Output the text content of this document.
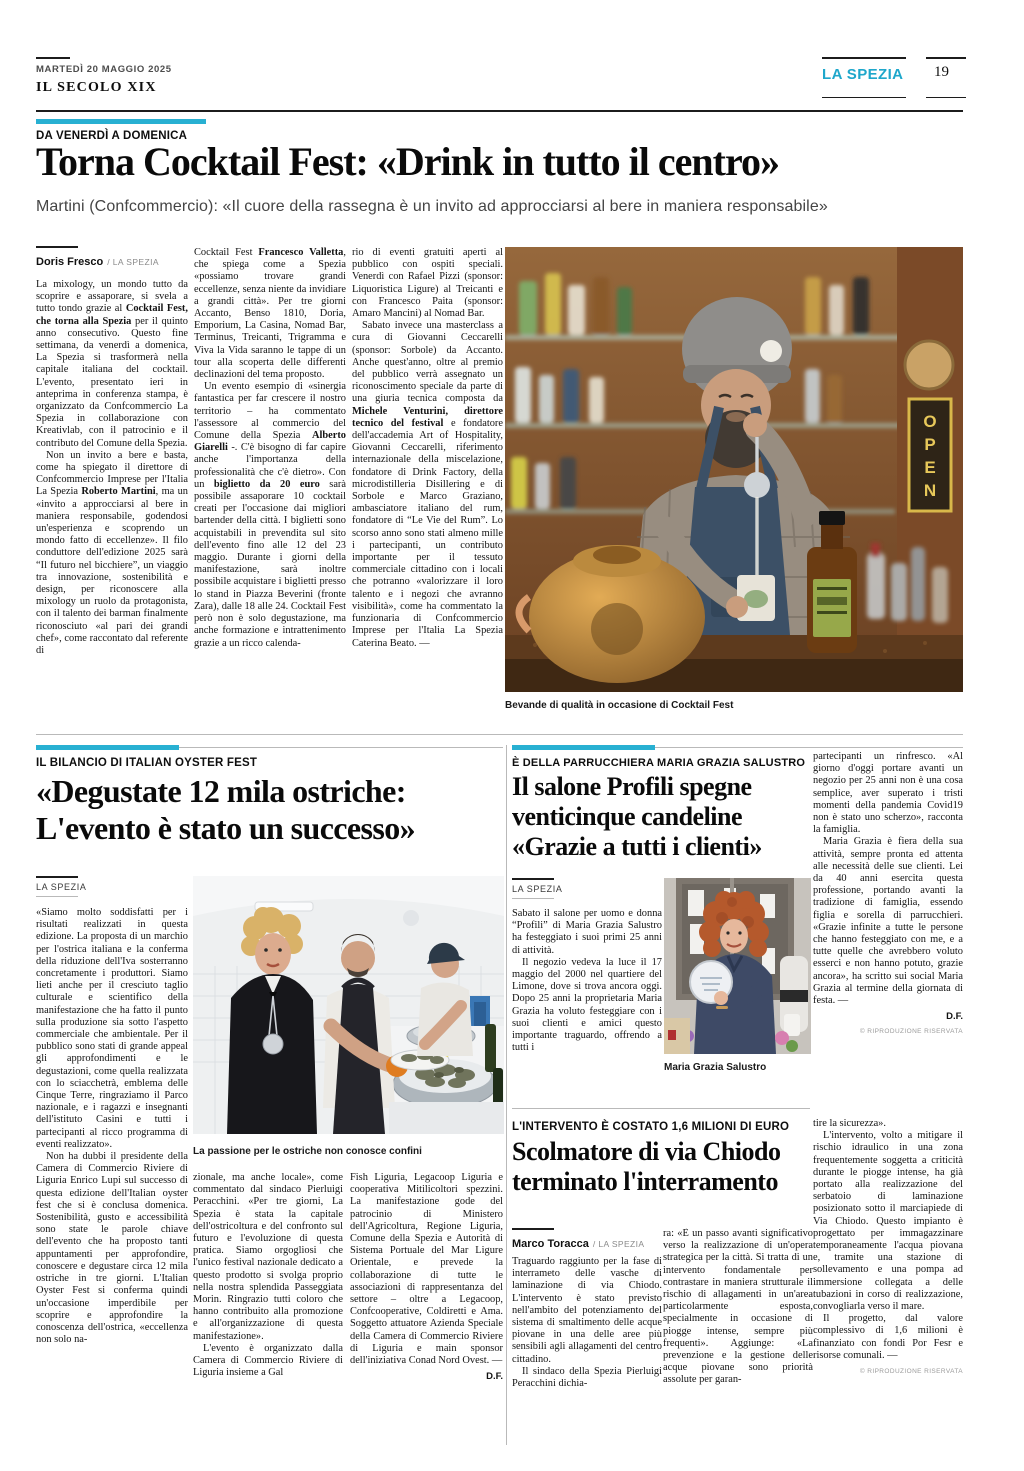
MARTEDÌ 20 MAGGIO 2025
IL SECOLO XIX
LA SPEZIA 19
DA VENERDÌ A DOMENICA
Torna Cocktail Fest: «Drink in tutto il centro»
Martini (Confcommercio): «Il cuore della rassegna è un invito ad approcciarsi al bere in maniera responsabile»
Doris Fresco / LA SPEZIA

La mixology, un mondo tutto da scoprire e assaporare, si svela a tutto tondo grazie al Cocktail Fest, che torna alla Spezia per il quinto anno consecutivo. Questo fine settimana, da venerdì a domenica, La Spezia si trasformerà nella capitale italiana del cocktail. L'evento, presentato ieri in anteprima in conferenza stampa, è organizzato da Confcommercio La Spezia in collaborazione con Kreativlab, con il patrocinio e il contributo del Comune della Spezia.

Non un invito a bere e basta, come ha spiegato il direttore di Confcommercio Imprese per l'Italia La Spezia Roberto Martini, ma un «invito a approcciarsi al bere in maniera responsabile, godendosi un'esperienza e scoprendo un mondo fatto di eccellenze». Il filo conduttore dell'edizione 2025 sarà “Il futuro nel bicchiere”, un viaggio tra innovazione, sostenibilità e design, per riconoscere alla mixology un ruolo da protagonista, con il talento dei barman finalmente riconosciuto «al pari dei grandi chef», come raccontato dal referente di

Cocktail Fest Francesco Valletta, che spiega come a Spezia «possiamo trovare grandi eccellenze, senza niente da invidiare a grandi città». Per tre giorni Accanto, Benso 1810, Doria, Emporium, La Casina, Nomad Bar, Terminus, Treicanti, Trigramma e Viva la Vida saranno le tappe di un tour alla scoperta delle differenti declinazioni del tema proposto.

Un evento esempio di «sinergia fantastica per far crescere il nostro territorio – ha commentato l'assessore al commercio del Comune della Spezia Alberto Giarelli -. C'è bisogno di far capire anche l'importanza della professionalità che c'è dietro». Con un biglietto da 20 euro sarà possibile assaporare 10 cocktail creati per l'occasione dai migliori bartender della città. I biglietti sono acquistabili in prevendita sul sito dell'evento fino alle 12 del 23 maggio. Durante i giorni della manifestazione, sarà inoltre possibile acquistare i biglietti presso lo stand in Piazza Beverini (fronte Zara), dalle 18 alle 24. Cocktail Fest però non è solo degustazione, ma anche formazione e intrattenimento grazie a un ricco calenda-

rio di eventi gratuiti aperti al pubblico con ospiti speciali. Venerdì con Rafael Pizzi (sponsor: Liquoristica Ligure) al Treicanti e con Francesco Paita (sponsor: Amaro Mancini) al Nomad Bar.

Sabato invece una masterclass a cura di Giovanni Ceccarelli (sponsor: Sorbole) da Accanto. Anche quest'anno, oltre al premio del pubblico verrà assegnato un riconoscimento speciale da parte di una giuria tecnica composta da Michele Venturini, direttore tecnico del festival e fondatore dell'accademia Art of Hospitality, Giovanni Ceccarelli, riferimento internazionale della miscelazione, fondatore di Drink Factory, della microdistilleria Disillering e di Sorbole e Marco Graziano, ambasciatore italiano del rum, fondatore di “Le Vie del Rum”. Lo scorso anno sono stati almeno mille i partecipanti, un contributo importante per il tessuto commerciale cittadino con i locali che potranno «valorizzare il loro talento e i negozi che avranno visibilità», come ha commentato la funzionaria di Confcommercio Imprese per l'Italia La Spezia Caterina Beato. —

O
P
E
N
Bevande di qualità in occasione di Cocktail Fest
IL BILANCIO DI ITALIAN OYSTER FEST
«Degustate 12 mila ostriche:
L'evento è stato un successo»
LA SPEZIA

«Siamo molto soddisfatti per i risultati realizzati in questa edizione. La proposta di un marchio per l'ostrica italiana e la conferma della riduzione dell'Iva sosterranno concretamente i produttori. Siamo lieti anche per il cresciuto taglio culturale e scientifico della manifestazione che ha fatto il punto sulla produzione sia sotto l'aspetto commerciale che ambientale. Per il pubblico sono stati di grande appeal gli approfondimenti e le degustazioni, come quella realizzata con lo sciacchetrà, emblema delle Cinque Terre, ringraziamo il Parco nazionale, e i ragazzi e insegnanti dell'istituto Casini e tutti i partecipanti al ricco programma di eventi realizzato».

Non ha dubbi il presidente della Camera di Commercio Riviere di Liguria Enrico Lupi sul successo di questa edizione dell'Italian oyster fest che si è conclusa domenica. Sostenibilità, gusto e accessibilità sono state le parole chiave dell'evento che ha proposto tanti appuntamenti per approfondire, conoscere e degustare circa 12 mila ostriche in tre giorni. L'Italian Oyster Fest si conferma quindi un'occasione imperdibile per scoprire e approfondire la conoscenza dell'ostrica, «eccellenza non solo na-

La passione per le ostriche non conosce confini

zionale, ma anche locale», come commentato dal sindaco Pierluigi Peracchini. «Per tre giorni, La Spezia è stata la capitale dell'ostricoltura e del confronto sul futuro e l'evoluzione di questa pratica. Siamo orgogliosi che l'unico festival nazionale dedicato a questo prodotto si svolga proprio nella nostra splendida Passeggiata Morin. Ringrazio tutti coloro che hanno contribuito alla promozione e all'organizzazione di questa manifestazione».

L'evento è organizzato dalla Camera di Commercio Riviere di Liguria insieme a Gal

Fish Liguria, Legacoop Liguria e cooperativa Mitilicoltori spezzini. La manifestazione gode del patrocinio di Ministero dell'Agricoltura, Regione Liguria, Comune della Spezia e Autorità di Sistema Portuale del Mar Ligure Orientale, e prevede la collaborazione di tutte le associazioni di rappresentanza del settore – oltre a Legacoop, Confcooperative, Coldiretti e Ama. Soggetto attuatore Azienda Speciale della Camera di Commercio Riviere di Liguria e main sponsor dell'iniziativa Conad Nord Ovest. —

D.F.
È DELLA PARRUCCHIERA MARIA GRAZIA SALUSTRO
Il salone Profili spegne
venticinque candeline
«Grazie a tutti i clienti»
LA SPEZIA

Sabato il salone per uomo e donna “Profili” di Maria Grazia Salustro ha festeggiato i suoi primi 25 anni di attività.

Il negozio vedeva la luce il 17 maggio del 2000 nel quartiere del Limone, dove si trova ancora oggi. Dopo 25 anni la proprietaria Maria Grazia ha voluto festeggiare con i suoi clienti e amici questo importante traguardo, offrendo a tutti i

Maria Grazia Salustro

partecipanti un rinfresco. «Al giorno d'oggi portare avanti un negozio per 25 anni non è una cosa semplice, aver superato i tristi momenti della pandemia Covid19 non è stato uno scherzo», racconta la famiglia.

Maria Grazia è fiera della sua attività, sempre pronta ed attenta alle necessità delle sue clienti. Lei da 40 anni esercita questa professione, portando avanti la tradizione di famiglia, essendo figlia e sorella di parrucchieri. «Grazie infinite a tutte le persone che hanno festeggiato con me, e a tutte quelle che avrebbero voluto esserci e non hanno potuto, grazie ancora», ha scritto sui social Maria Grazia al termine della giornata di festa. —

D.F.
© RIPRODUZIONE RISERVATA
L'INTERVENTO È COSTATO 1,6 MILIONI DI EURO
Scolmatore di via Chiodo
terminato l'interramento
Marco Toracca / LA SPEZIA

Traguardo raggiunto per la fase di interrameto delle vasche di laminazione di via Chiodo. L'intervento è stato previsto nell'ambito del potenziamento del sistema di smaltimento delle acque piovane in una delle aree più sensibili agli allagamenti del centro cittadino.

Il sindaco della Spezia Pierluigi Peracchini dichia-

ra: «È un passo avanti significativo verso la realizzazione di un'opera strategica per la città. Si tratta di un intervento fondamentale per contrastare in maniera strutturale il rischio di allagamenti in un'area particolarmente esposta, specialmente in occasione di piogge intense, sempre più frequenti». Aggiunge: «La prevenzione e la gestione delle acque piovane sono priorità assolute per garan-

tire la sicurezza».

L'intervento, volto a mitigare il rischio idraulico in una zona frequentemente soggetta a criticità durante le piogge intense, ha già portato alla realizzazione del serbatoio di laminazione posizionato sotto il marciapiede di Via Chiodo. Questo impianto è progettato per immagazzinare temporaneamente l'acqua piovana e, tramite una stazione di sollevamento e una pompa ad immersione collegata a delle tubazioni in corso di realizzazione, convogliarla verso il mare.

Il progetto, dal valore complessivo di 1,6 milioni è finanziato con fondi Por Fesr e risorse comunali. —

© RIPRODUZIONE RISERVATA
